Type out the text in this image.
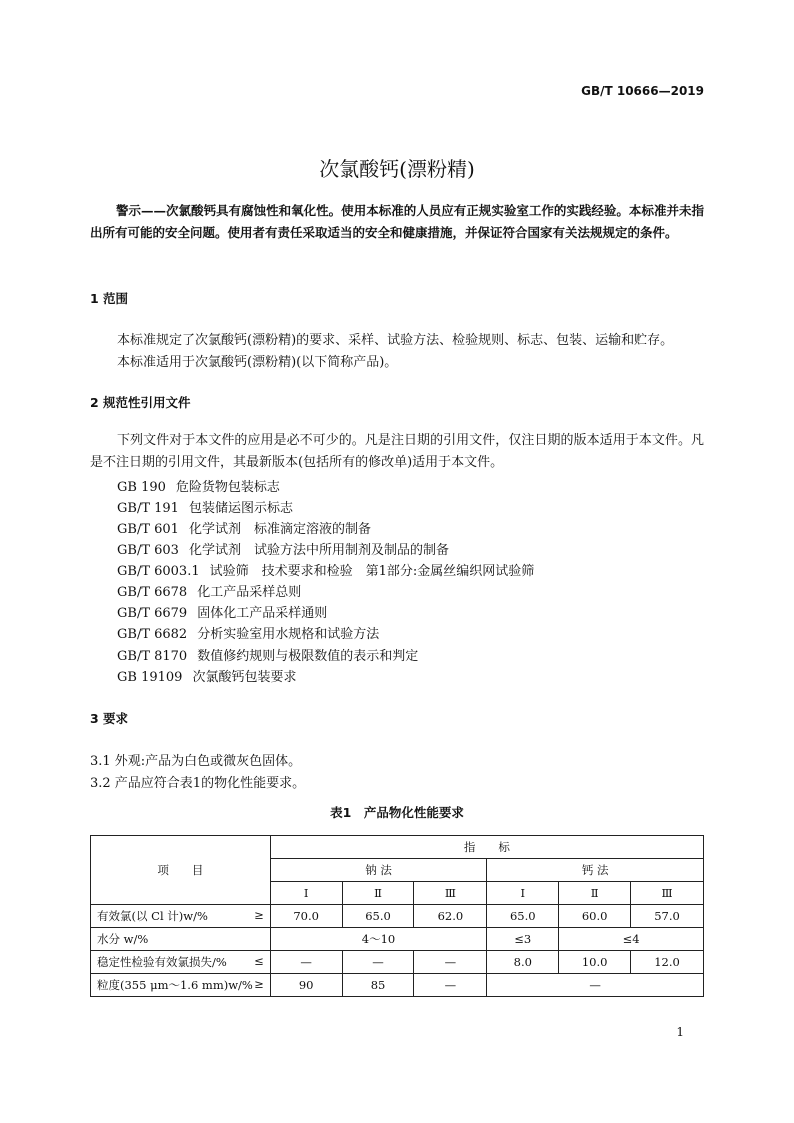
GB/T 10666—2019
次氯酸钙(漂粉精)
警示——次氯酸钙具有腐蚀性和氧化性。使用本标准的人员应有正规实验室工作的实践经验。本标准并未指出所有可能的安全问题。使用者有责任采取适当的安全和健康措施，并保证符合国家有关法规规定的条件。
1 范围
本标准规定了次氯酸钙(漂粉精)的要求、采样、试验方法、检验规则、标志、包装、运输和贮存。
本标准适用于次氯酸钙(漂粉精)(以下简称产品)。
2 规范性引用文件
下列文件对于本文件的应用是必不可少的。凡是注日期的引用文件，仅注日期的版本适用于本文件。凡是不注日期的引用文件，其最新版本(包括所有的修改单)适用于本文件。
GB 190 危险货物包装标志
GB/T 191 包装储运图示标志
GB/T 601 化学试剂　标准滴定溶液的制备
GB/T 603 化学试剂　试验方法中所用制剂及制品的制备
GB/T 6003.1 试验筛　技术要求和检验　第1部分:金属丝编织网试验筛
GB/T 6678 化工产品采样总则
GB/T 6679 固体化工产品采样通则
GB/T 6682 分析实验室用水规格和试验方法
GB/T 8170 数值修约规则与极限数值的表示和判定
GB 19109 次氯酸钙包装要求
3 要求
3.1 外观:产品为白色或微灰色固体。
3.2 产品应符合表1的物化性能要求。
表1　产品物化性能要求
项　　目	指　　标					
	钠 法			钙 法		
	Ⅰ	Ⅱ	Ⅲ	Ⅰ	Ⅱ	Ⅲ

有效氯(以 Cl 计)w/% ≥	70.0	65.0	62.0	65.0	60.0	57.0

水分 w/%	4～10			≤3	≤4	

稳定性检验有效氯损失/% ≤	—	—	—	8.0	10.0	12.0

粒度(355 μm～1.6 mm)w/% ≥	90	85	—	—		
1
